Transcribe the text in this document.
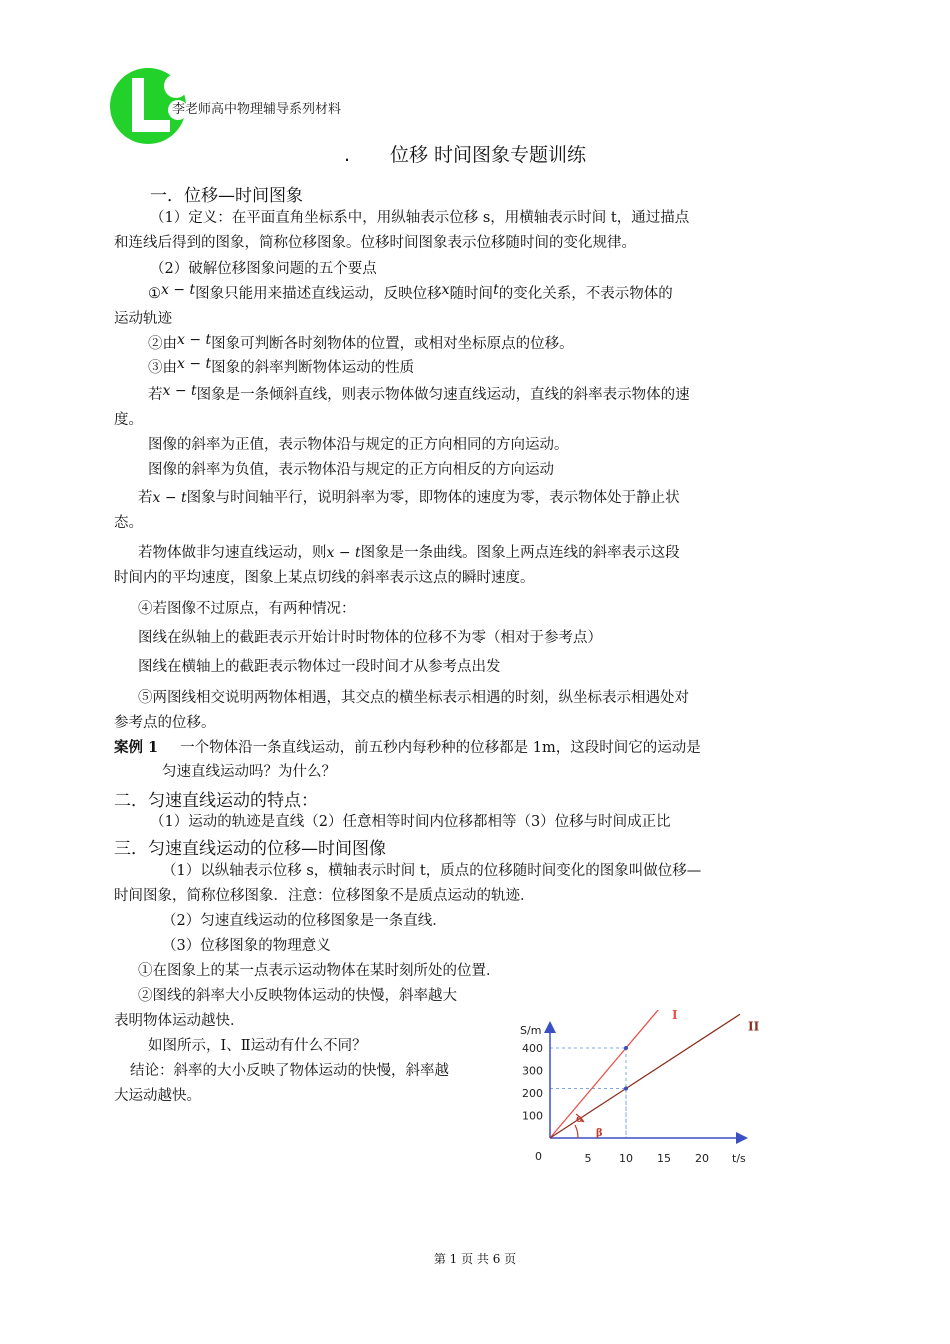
李老师高中物理辅导系列材料
. 位移 时间图象专题训练
一．位移—时间图象
（1）定义：在平面直角坐标系中，用纵轴表示位移 s，用横轴表示时间 t，通过描点
和连线后得到的图象，简称位移图象。位移时间图象表示位移随时间的变化规律。
（2）破解位移图象问题的五个要点
①x − t图象只能用来描述直线运动，反映位移x随时间t的变化关系，不表示物体的
运动轨迹
②由x − t图象可判断各时刻物体的位置，或相对坐标原点的位移。
③由x − t图象的斜率判断物体运动的性质
若x − t图象是一条倾斜直线，则表示物体做匀速直线运动，直线的斜率表示物体的速
度。
图像的斜率为正值，表示物体沿与规定的正方向相同的方向运动。
图像的斜率为负值，表示物体沿与规定的正方向相反的方向运动
若x − t图象与时间轴平行，说明斜率为零，即物体的速度为零，表示物体处于静止状
态。
若物体做非匀速直线运动，则x − t图象是一条曲线。图象上两点连线的斜率表示这段
时间内的平均速度，图象上某点切线的斜率表示这点的瞬时速度。
④若图像不过原点，有两种情况：
图线在纵轴上的截距表示开始计时时物体的位移不为零（相对于参考点）
图线在横轴上的截距表示物体过一段时间才从参考点出发
⑤两图线相交说明两物体相遇，其交点的横坐标表示相遇的时刻，纵坐标表示相遇处对
参考点的位移。
案例 1 一个物体沿一条直线运动，前五秒内每秒种的位移都是 1m，这段时间它的运动是
匀速直线运动吗？为什么？
二．匀速直线运动的特点：
（1）运动的轨迹是直线（2）任意相等时间内位移都相等（3）位移与时间成正比
三．匀速直线运动的位移—时间图像
（1）以纵轴表示位移 s，横轴表示时间 t，质点的位移随时间变化的图象叫做位移—
时间图象，简称位移图象．注意：位移图象不是质点运动的轨迹．
（2）匀速直线运动的位移图象是一条直线．
（3）位移图象的物理意义
①在图象上的某一点表示运动物体在某时刻所处的位置．
②图线的斜率大小反映物体运动的快慢，斜率越大
表明物体运动越快．
如图所示，Ⅰ、Ⅱ运动有什么不同？
结论：斜率的大小反映了物体运动的快慢，斜率越
大运动越快。
S/m
t/s
0	5	10 15 20
100
200
300
400
I
II
α
β
第 1 页 共 6 页
